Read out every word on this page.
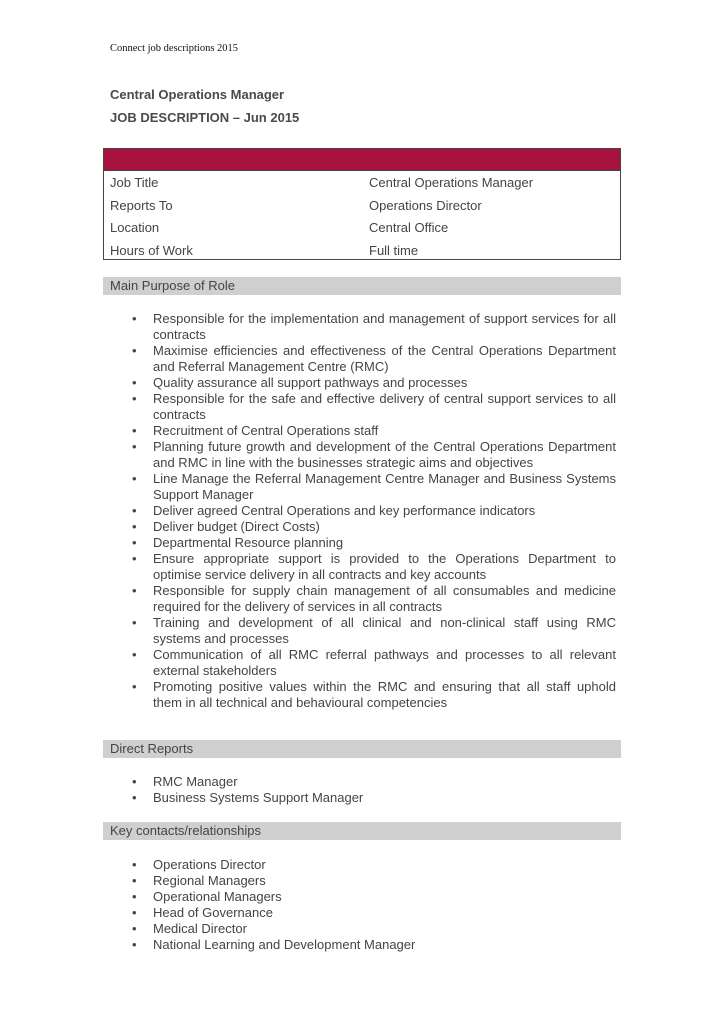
Connect job descriptions 2015
Central Operations Manager
JOB DESCRIPTION – Jun 2015
Job Title	Central Operations Manager
Reports To	Operations Director
Location	Central Office
Hours of Work	Full time
Main Purpose of Role
• Responsible for the implementation and management of support services for all contracts
• Maximise efficiencies and effectiveness of the Central Operations Department and Referral Management Centre (RMC)
• Quality assurance all support pathways and processes
• Responsible for the safe and effective delivery of central support services to all contracts
• Recruitment of Central Operations staff
• Planning future growth and development of the Central Operations Department and RMC in line with the businesses strategic aims and objectives
• Line Manage the Referral Management Centre Manager and Business Systems Support Manager
• Deliver agreed Central Operations and key performance indicators
• Deliver budget (Direct Costs)
• Departmental Resource planning
• Ensure appropriate support is provided to the Operations Department to optimise service delivery in all contracts and key accounts
• Responsible for supply chain management of all consumables and medicine required for the delivery of services in all contracts
• Training and development of all clinical and non-clinical staff using RMC systems and processes
• Communication of all RMC referral pathways and processes to all relevant external stakeholders
• Promoting positive values within the RMC and ensuring that all staff uphold them in all technical and behavioural competencies
Direct Reports
• RMC Manager
• Business Systems Support Manager
Key contacts/relationships
• Operations Director
• Regional Managers
• Operational Managers
• Head of Governance
• Medical Director
• National Learning and Development Manager
